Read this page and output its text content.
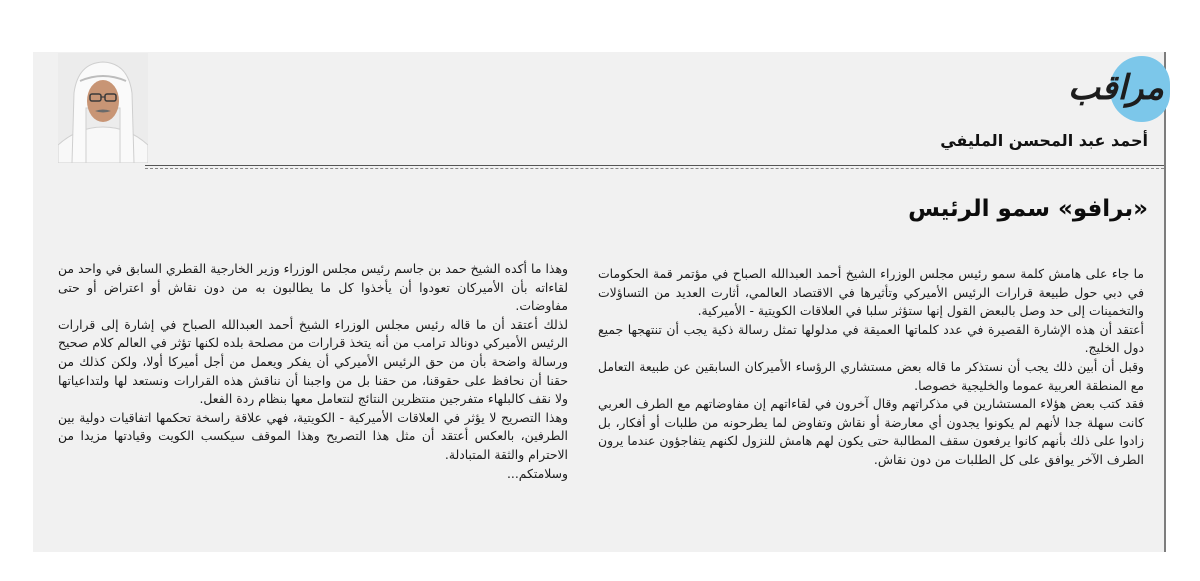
مراقب
أحمد عبد المحسن المليفي
«برافو» سمو الرئيس

ما جاء على هامش كلمة سمو رئيس مجلس الوزراء الشيخ أحمد العبدالله الصباح في مؤتمر قمة الحكومات في دبي حول طبيعة قرارات الرئيس الأميركي وتأثيرها في الاقتصاد العالمي، أثارت العديد من التساؤلات والتخمينات إلى حد وصل بالبعض القول إنها ستؤثر سلبا في العلاقات الكويتية - الأميركية.

أعتقد أن هذه الإشارة القصيرة في عدد كلماتها العميقة في مدلولها تمثل رسالة ذكية يجب أن تنتهجها جميع دول الخليج.

وقبل أن أبين ذلك يجب أن نستذكر ما قاله بعض مستشاري الرؤساء الأميركان السابقين عن طبيعة التعامل مع المنطقة العربية عموما والخليجية خصوصا.

فقد كتب بعض هؤلاء المستشارين في مذكراتهم وقال آخرون في لقاءاتهم إن مفاوضاتهم مع الطرف العربي كانت سهلة جدا لأنهم لم يكونوا يجدون أي معارضة أو نقاش وتفاوض لما يطرحونه من طلبات أو أفكار، بل زادوا على ذلك بأنهم كانوا يرفعون سقف المطالبة حتى يكون لهم هامش للنزول لكنهم يتفاجؤون عندما يرون الطرف الآخر يوافق على كل الطلبات من دون نقاش.

وهذا ما أكده الشيخ حمد بن جاسم رئيس مجلس الوزراء وزير الخارجية القطري السابق في واحد من لقاءاته بأن الأميركان تعودوا أن يأخذوا كل ما يطالبون به من دون نقاش أو اعتراض أو حتى مفاوضات.

لذلك أعتقد أن ما قاله رئيس مجلس الوزراء الشيخ أحمد العبدالله الصباح في إشارة إلى قرارات الرئيس الأميركي دونالد ترامب من أنه يتخذ قرارات من مصلحة بلده لكنها تؤثر في العالم كلام صحيح ورسالة واضحة بأن من حق الرئيس الأميركي أن يفكر ويعمل من أجل أميركا أولا، ولكن كذلك من حقنا أن نحافظ على حقوقنا، من حقنا بل من واجبنا أن نناقش هذه القرارات ونستعد لها ولتداعياتها ولا نقف كالبلهاء متفرجين منتظرين النتائج لنتعامل معها بنظام ردة الفعل.

وهذا التصريح لا يؤثر في العلاقات الأميركية - الكويتية، فهي علاقة راسخة تحكمها اتفاقيات دولية بين الطرفين، بالعكس أعتقد أن مثل هذا التصريح وهذا الموقف سيكسب الكويت وقيادتها مزيدا من الاحترام والثقة المتبادلة.

وسلامتكم...
